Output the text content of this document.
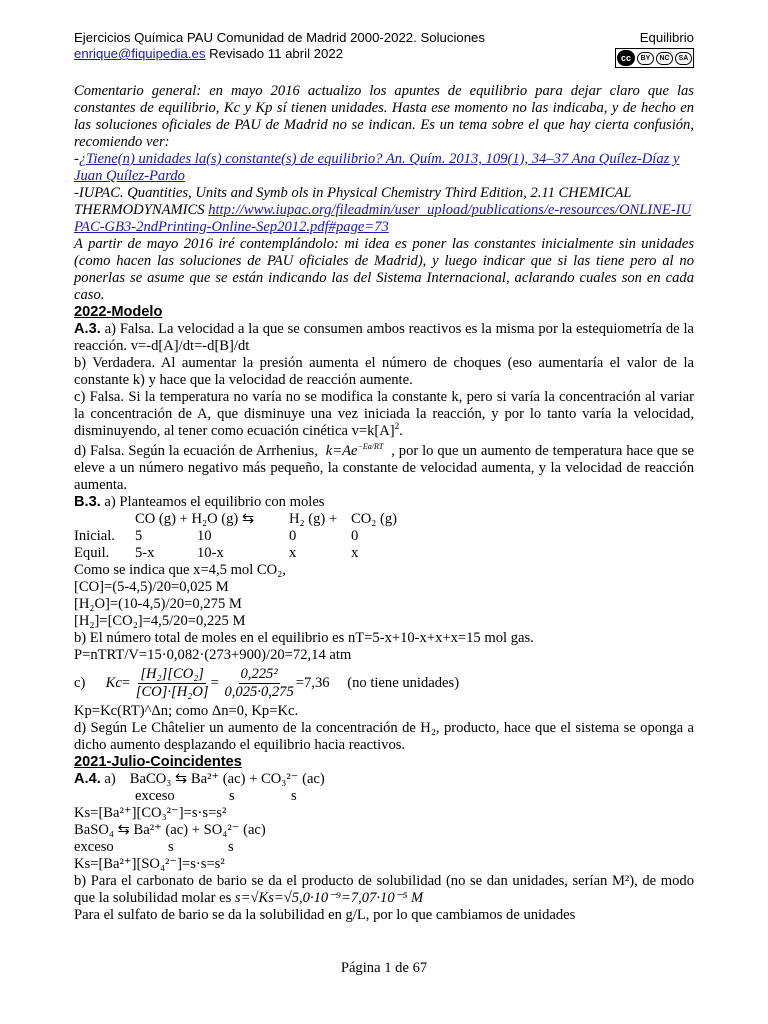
Ejercicios Química PAU Comunidad de Madrid 2000-2022. Soluciones	Equilibrio
enrique@fiquipedia.es Revisado 11 abril 2022	cc	BY	NC	SA

Comentario general: en mayo 2016 actualizo los apuntes de equilibrio para dejar claro que las constantes de equilibrio, Kc y Kp sí tienen unidades. Hasta ese momento no las indicaba, y de hecho en las soluciones oficiales de PAU de Madrid no se indican. Es un tema sobre el que hay cierta confusión, recomiendo ver:

-¿Tiene(n) unidades la(s) constante(s) de equilibrio? An. Quím. 2013, 109(1), 34–37 Ana Quílez-Díaz y Juan Quílez-Pardo

-IUPAC. Quantities, Units and Symb ols in Physical Chemistry Third Edition, 2.11 CHEMICAL THERMODYNAMICS http://www.iupac.org/fileadmin/user_upload/publications/e-resources/ONLINE-IUPAC-GB3-2ndPrinting-Online-Sep2012.pdf#page=73

A partir de mayo 2016 iré contemplándolo: mi idea es poner las constantes inicialmente sin unidades (como hacen las soluciones de PAU oficiales de Madrid), y luego indicar que si las tiene pero al no ponerlas se asume que se están indicando las del Sistema Internacional, aclarando cuales son en cada caso.

2022-Modelo

A.3. a) Falsa. La velocidad a la que se consumen ambos reactivos es la misma por la estequiometría de la reacción. v=-d[A]/dt=-d[B]/dt

b) Verdadera. Al aumentar la presión aumenta el número de choques (eso aumentaría el valor de la constante k) y hace que la velocidad de reacción aumente.

c) Falsa. Si la temperatura no varía no se modifica la constante k, pero si varía la concentración al variar la concentración de A, que disminuye una vez iniciada la reacción, y por lo tanto varía la velocidad, disminuyendo, al tener como ecuación cinética $v=k[A]^2$.

d) Falsa. Según la ecuación de Arrhenius, $k=Ae^{-Ea/RT}$ , por lo que un aumento de temperatura hace que se eleve a un número negativo más pequeño, la constante de velocidad aumenta, y la velocidad de reacción aumenta.

B.3. a) Planteamos el equilibrio con moles

	CO (g) + H₂O (g) ⇆		H₂ (g) +	CO₂ (g)
Inicial.	5	10	0	0
Equil.	5-x	10-x	x	x

Como se indica que x=4,5 mol CO₂,

[CO]=(5-4,5)/20=0,025 M

[H₂O]=(10-4,5)/20=0,275 M

[H₂]=[CO₂]=4,5/20=0,225 M

b) El número total de moles en el equilibrio es nT=5-x+10-x+x+x=15 mol gas.

P=nTRT/V=15·0,082·(273+900)/20=72,14 atm

c) $Kc= \frac{\text{[H₂][CO₂]}}{\text{[CO]·[H₂O]}} = \frac{\text{0,225²}}{0,025\cdot 0,275} =7,36$ (no tiene unidades)

Kp=Kc(RT)^Δn; como Δn=0, Kp=Kc.

d) Según Le Châtelier un aumento de la concentración de H₂, producto, hace que el sistema se oponga a dicho aumento desplazando el equilibrio hacia reactivos.

2021-Julio-Coincidentes

A.4. a) BaCO₃ ⇆ Ba²⁺ (ac) + CO₃²⁻ (ac)

	exceso	s	s

Ks=[Ba²⁺][CO₃²⁻]=s·s=s²

BaSO₄ ⇆ Ba²⁺ (ac) + SO₄²⁻ (ac)

exceso	s	s

Ks=[Ba²⁺][SO₄²⁻]=s·s=s²

b) Para el carbonato de bario se da el producto de solubilidad (no se dan unidades, serían M²), de modo que la solubilidad molar es s=√Ks=√5,0·10⁻⁹=7,07·10⁻⁵ M

Para el sulfato de bario se da la solubilidad en g/L, por lo que cambiamos de unidades

Página 1 de 67
